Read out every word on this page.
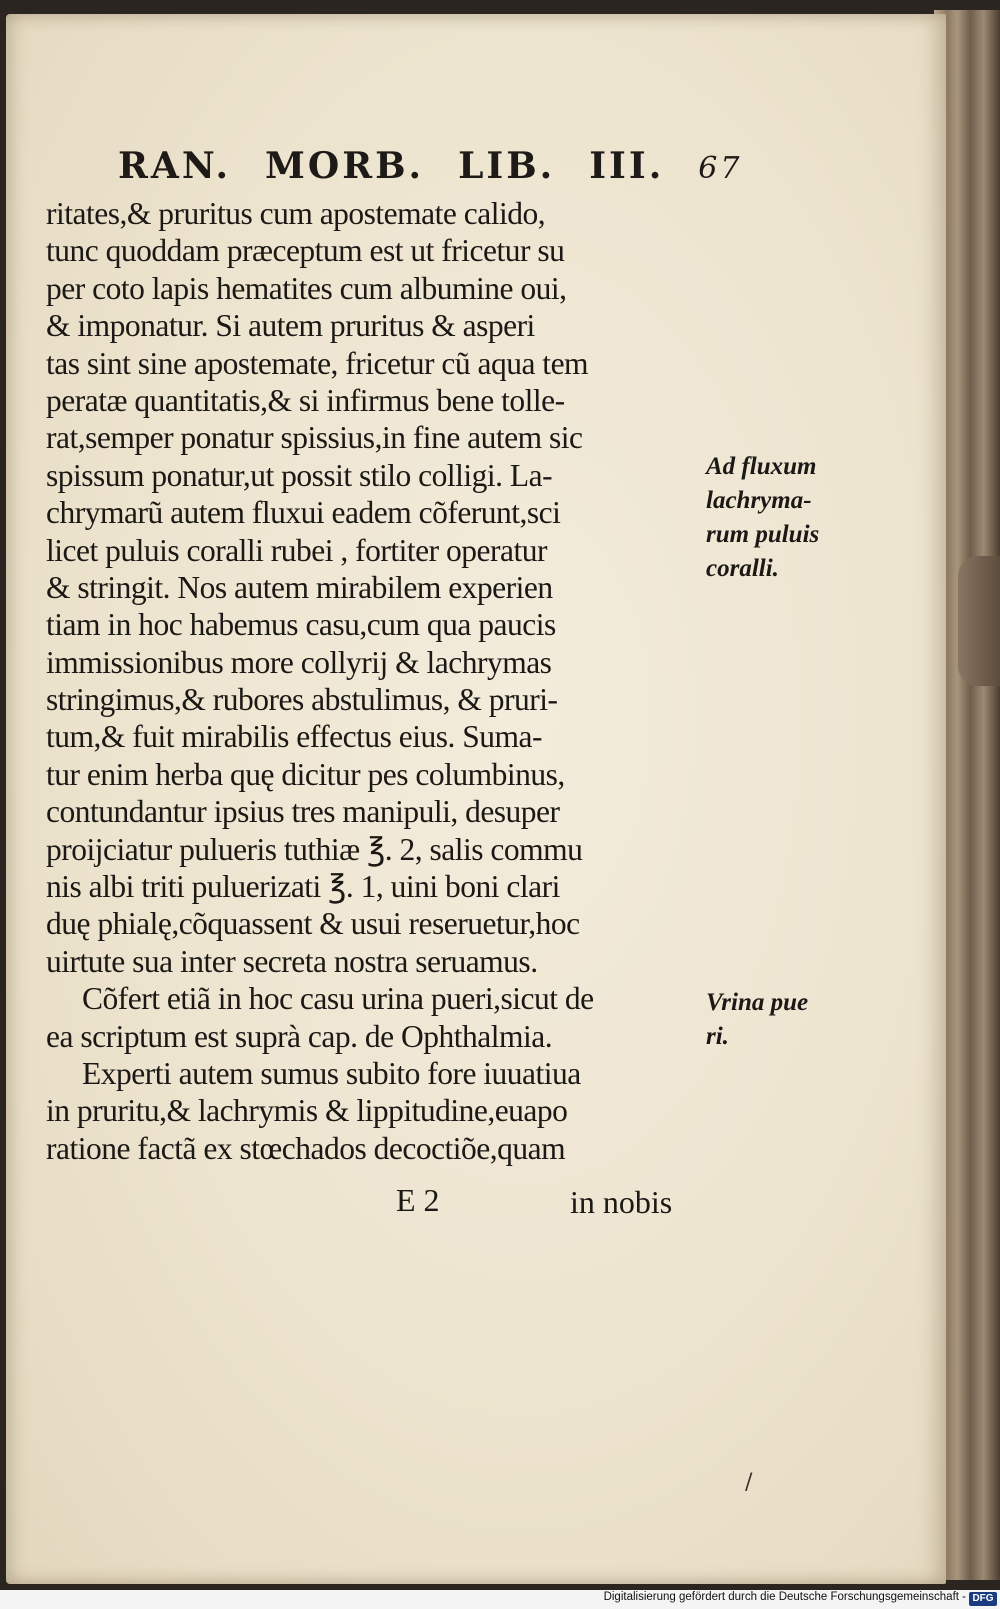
RAN. MORB. LIB. III. 67
ritates,& pruritus cum apostemate calido,
tunc quoddam præceptum est ut fricetur su
per coto lapis hematites cum albumine oui,
& imponatur. Si autem pruritus & asperi
tas sint sine apostemate, fricetur cũ aqua tem
peratæ quantitatis,& si infirmus bene tolle-
rat,semper ponatur spissius,in fine autem sic
spissum ponatur,ut possit stilo colligi. La-
chrymarũ autem fluxui eadem cõferunt,sci
licet puluis coralli rubei , fortiter operatur
& stringit. Nos autem mirabilem experien
tiam in hoc habemus casu,cum qua paucis
immissionibus more collyrij & lachrymas
stringimus,& rubores abstulimus, & pruri-
tum,& fuit mirabilis effectus eius. Suma-
tur enim herba quę dicitur pes columbinus,
contundantur ipsius tres manipuli, desuper
proijciatur pulueris tuthiæ ℥. 2, salis commu
nis albi triti puluerizati ℥. 1, uini boni clari
duę phialę,cõquassent & usui reseruetur,hoc
uirtute sua inter secreta nostra seruamus.
Cõfert etiã in hoc casu urina pueri,sicut de
ea scriptum est suprà cap. de Ophthalmia.
Experti autem sumus subito fore iuuatiua
in pruritu,& lachrymis & lippitudine,euapo
ratione factã ex stœchados decoctiõe,quam
Ad fluxum
lachryma-
rum puluis
coralli.
Vrina pue
ri.
E 2	in nobis
/
Digitalisierung gefördert durch die Deutsche Forschungsgemeinschaft - DFG
